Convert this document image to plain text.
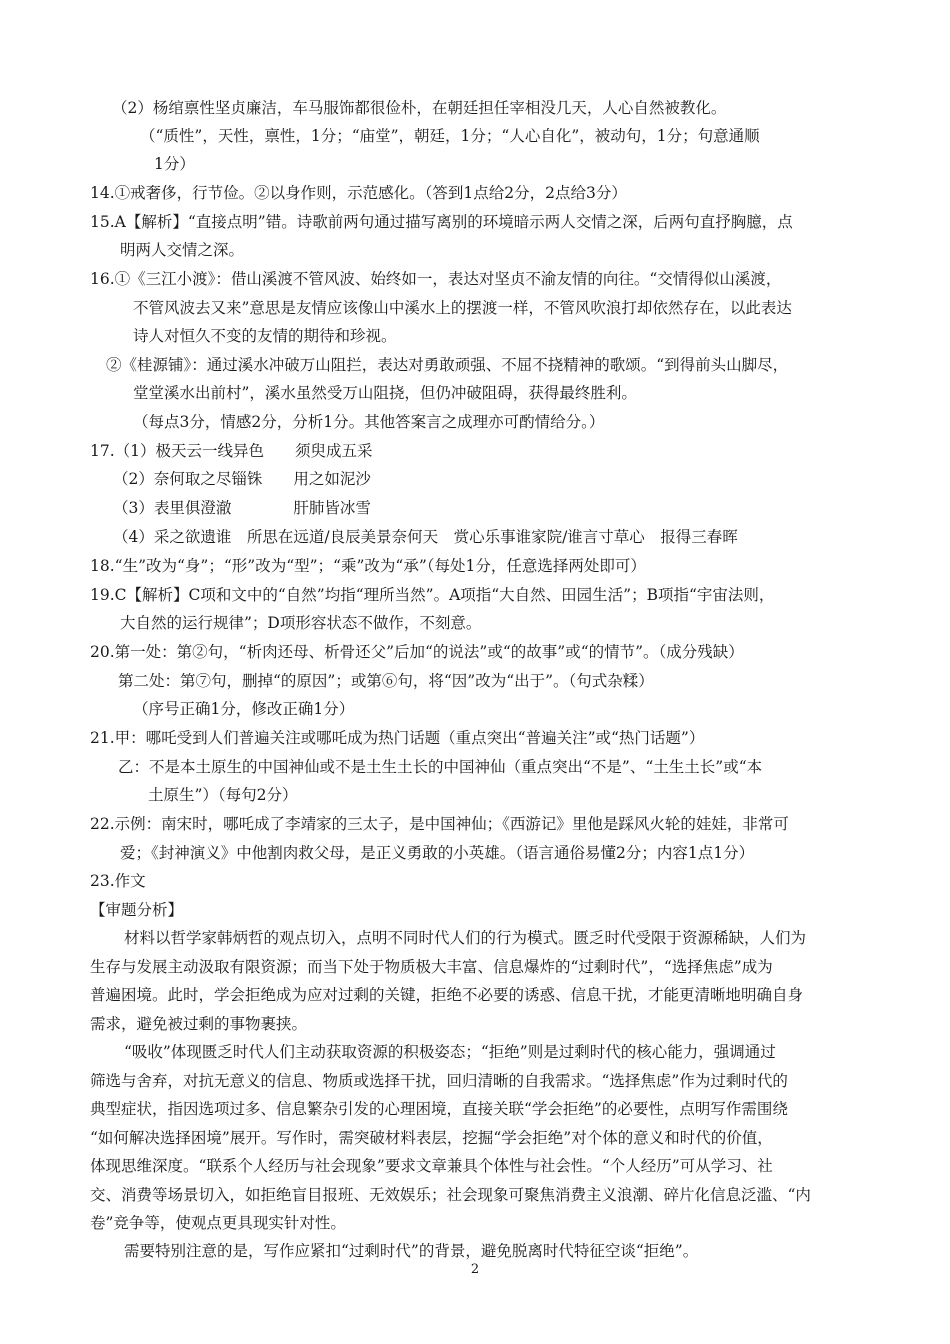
（2）杨绾禀性坚贞廉洁，车马服饰都很俭朴，在朝廷担任宰相没几天，人心自然被教化。
（“质性”，天性，禀性，1分；“庙堂”，朝廷，1分；“人心自化”，被动句，1分；句意通顺
1分）
14.①戒奢侈，行节俭。②以身作则，示范感化。（答到1点给2分，2点给3分）
15.A【解析】“直接点明”错。诗歌前两句通过描写离别的环境暗示两人交情之深，后两句直抒胸臆，点
明两人交情之深。
16.①《三江小渡》：借山溪渡不管风波、始终如一，表达对坚贞不渝友情的向往。“交情得似山溪渡，
不管风波去又来”意思是友情应该像山中溪水上的摆渡一样，不管风吹浪打却依然存在，以此表达
诗人对恒久不变的友情的期待和珍视。
②《桂源铺》：通过溪水冲破万山阻拦，表达对勇敢顽强、不屈不挠精神的歌颂。“到得前头山脚尽，
堂堂溪水出前村”，溪水虽然受万山阻挠，但仍冲破阻碍，获得最终胜利。
（每点3分，情感2分，分析1分。其他答案言之成理亦可酌情给分。）
17.（1）极天云一线异色　　须臾成五采
（2）奈何取之尽锱铢　　用之如泥沙
（3）表里俱澄澈　　　　肝肺皆冰雪
（4）采之欲遗谁　所思在远道/良辰美景奈何天　赏心乐事谁家院/谁言寸草心　报得三春晖
18.“生”改为“身”；“形”改为“型”；“乘”改为“承”（每处1分，任意选择两处即可）
19.C【解析】C项和文中的“自然”均指“理所当然”。A项指“大自然、田园生活”；B项指“宇宙法则，
大自然的运行规律”；D项形容状态不做作，不刻意。
20.第一处：第②句，“析肉还母、析骨还父”后加“的说法”或“的故事”或“的情节”。（成分残缺）
第二处：第⑦句，删掉“的原因”；或第⑥句，将“因”改为“出于”。（句式杂糅）
（序号正确1分，修改正确1分）
21.甲：哪吒受到人们普遍关注或哪吒成为热门话题（重点突出“普遍关注”或“热门话题”）
乙：不是本土原生的中国神仙或不是土生土长的中国神仙（重点突出“不是”、“土生土长”或“本
土原生”）（每句2分）
22.示例：南宋时，哪吒成了李靖家的三太子，是中国神仙；《西游记》里他是踩风火轮的娃娃，非常可
爱；《封神演义》中他割肉救父母，是正义勇敢的小英雄。（语言通俗易懂2分；内容1点1分）
23.作文
【审题分析】
材料以哲学家韩炳哲的观点切入，点明不同时代人们的行为模式。匮乏时代受限于资源稀缺，人们为
生存与发展主动汲取有限资源；而当下处于物质极大丰富、信息爆炸的“过剩时代”，“选择焦虑”成为
普遍困境。此时，学会拒绝成为应对过剩的关键，拒绝不必要的诱惑、信息干扰，才能更清晰地明确自身
需求，避免被过剩的事物裹挟。
“吸收”体现匮乏时代人们主动获取资源的积极姿态；“拒绝”则是过剩时代的核心能力，强调通过
筛选与舍弃，对抗无意义的信息、物质或选择干扰，回归清晰的自我需求。“选择焦虑”作为过剩时代的
典型症状，指因选项过多、信息繁杂引发的心理困境，直接关联“学会拒绝”的必要性，点明写作需围绕
“如何解决选择困境”展开。写作时，需突破材料表层，挖掘“学会拒绝”对个体的意义和时代的价值，
体现思维深度。“联系个人经历与社会现象”要求文章兼具个体性与社会性。“个人经历”可从学习、社
交、消费等场景切入，如拒绝盲目报班、无效娱乐；社会现象可聚焦消费主义浪潮、碎片化信息泛滥、“内
卷”竞争等，使观点更具现实针对性。
需要特别注意的是，写作应紧扣“过剩时代”的背景，避免脱离时代特征空谈“拒绝”。
2
